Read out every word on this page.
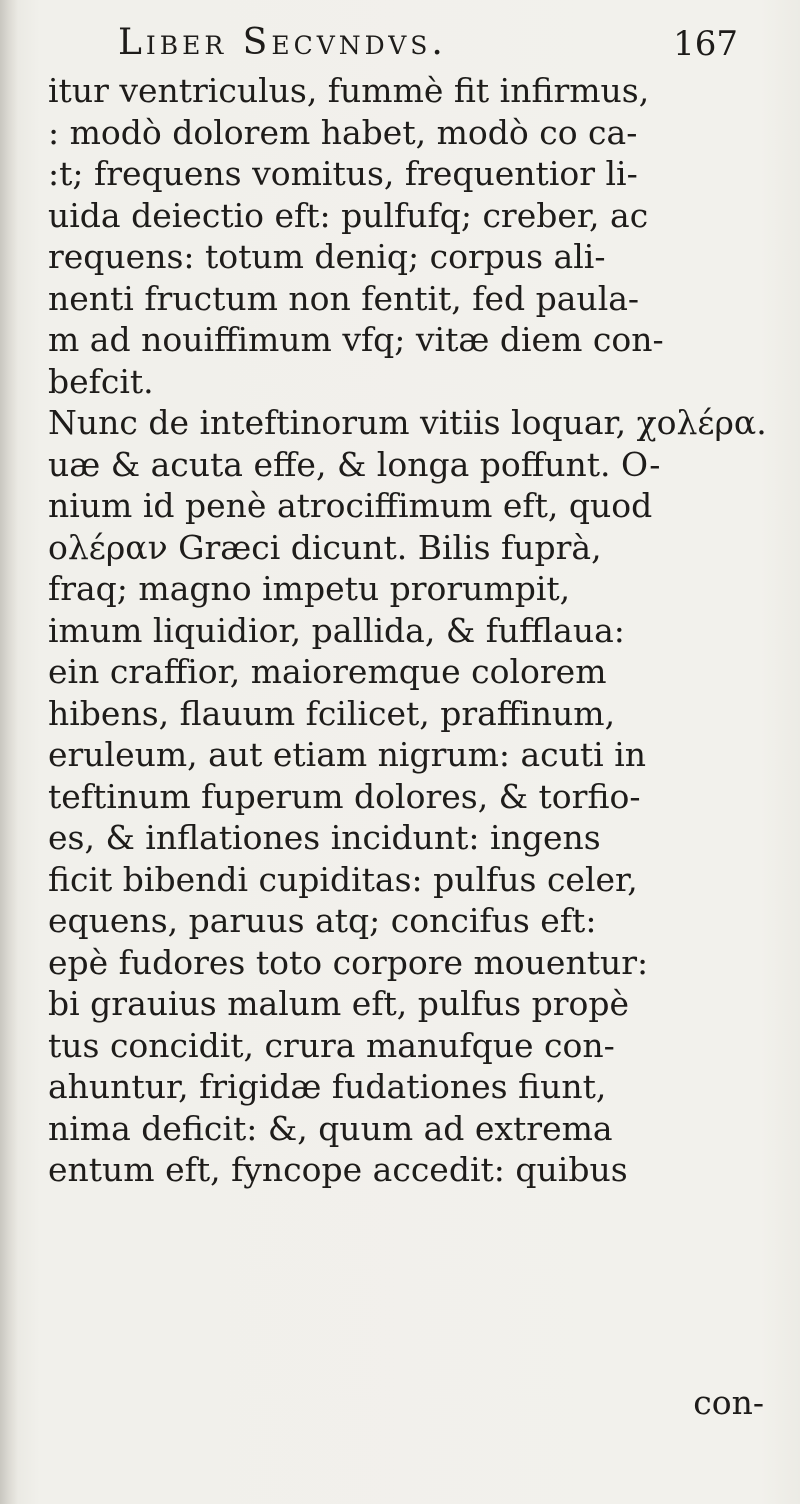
Liber Secvndvs.	167
itur ventriculus, fummè fit infirmus,
: modò dolorem habet, modò co ca-
:t; frequens vomitus, frequentior li-
uida deiectio eft: pulfufq; creber, ac
requens: totum deniq; corpus ali-
nenti fructum non fentit, fed paula-
m ad nouiffimum vfq; vitæ diem con-
befcit.
Nunc de inteftinorum vitiis loquar, χολέρα.
uæ & acuta effe, & longa poffunt. O-
nium id penè atrociffimum eft, quod
ολέραν Græci dicunt. Bilis fuprà,
fraq; magno impetu prorumpit,
imum liquidior, pallida, & fufflaua:
ein craffior, maioremque colorem
hibens, flauum fcilicet, praffinum,
eruleum, aut etiam nigrum: acuti in
teftinum fuperum dolores, & torfio-
es, & inflationes incidunt: ingens
ficit bibendi cupiditas: pulfus celer,
equens, paruus atq; concifus eft:
epè fudores toto corpore mouentur:
bi grauius malum eft, pulfus propè
tus concidit, crura manufque con-
ahuntur, frigidæ fudationes fiunt,
nima deficit: &, quum ad extrema
entum eft, fyncope accedit: quibus
con-
